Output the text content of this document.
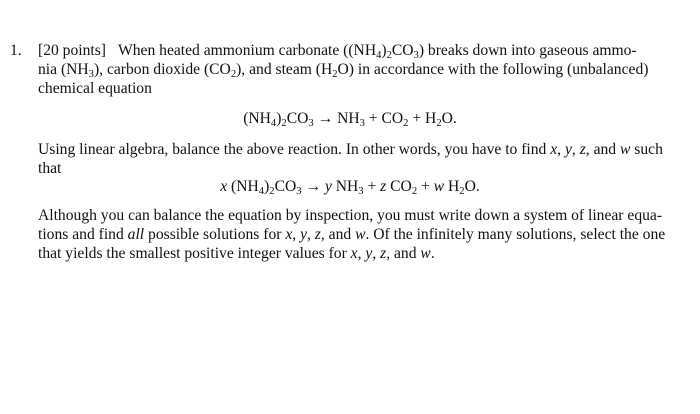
1. [20 points] When heated ammonium carbonate $((NH_4)_2CO_3)$ breaks down into gaseous ammo-
nia $(NH_3)$, carbon dioxide $(CO_2)$, and steam $(H_2O)$ in accordance with the following (unbalanced)
chemical equation
$(NH_4)_2CO_3 \to NH_3 + CO_2 + H_2O$.
Using linear algebra, balance the above reaction. In other words, you have to find x, y, z, and w such
that
x $(NH_4)_2CO_3 \to y$ $NH_3 + z$ $CO_2 + w$ $H_2O$.
Although you can balance the equation by inspection, you must write down a system of linear equa-
tions and find all possible solutions for x, y, z, and w. Of the infinitely many solutions, select the one
that yields the smallest positive integer values for x, y, z, and w.
